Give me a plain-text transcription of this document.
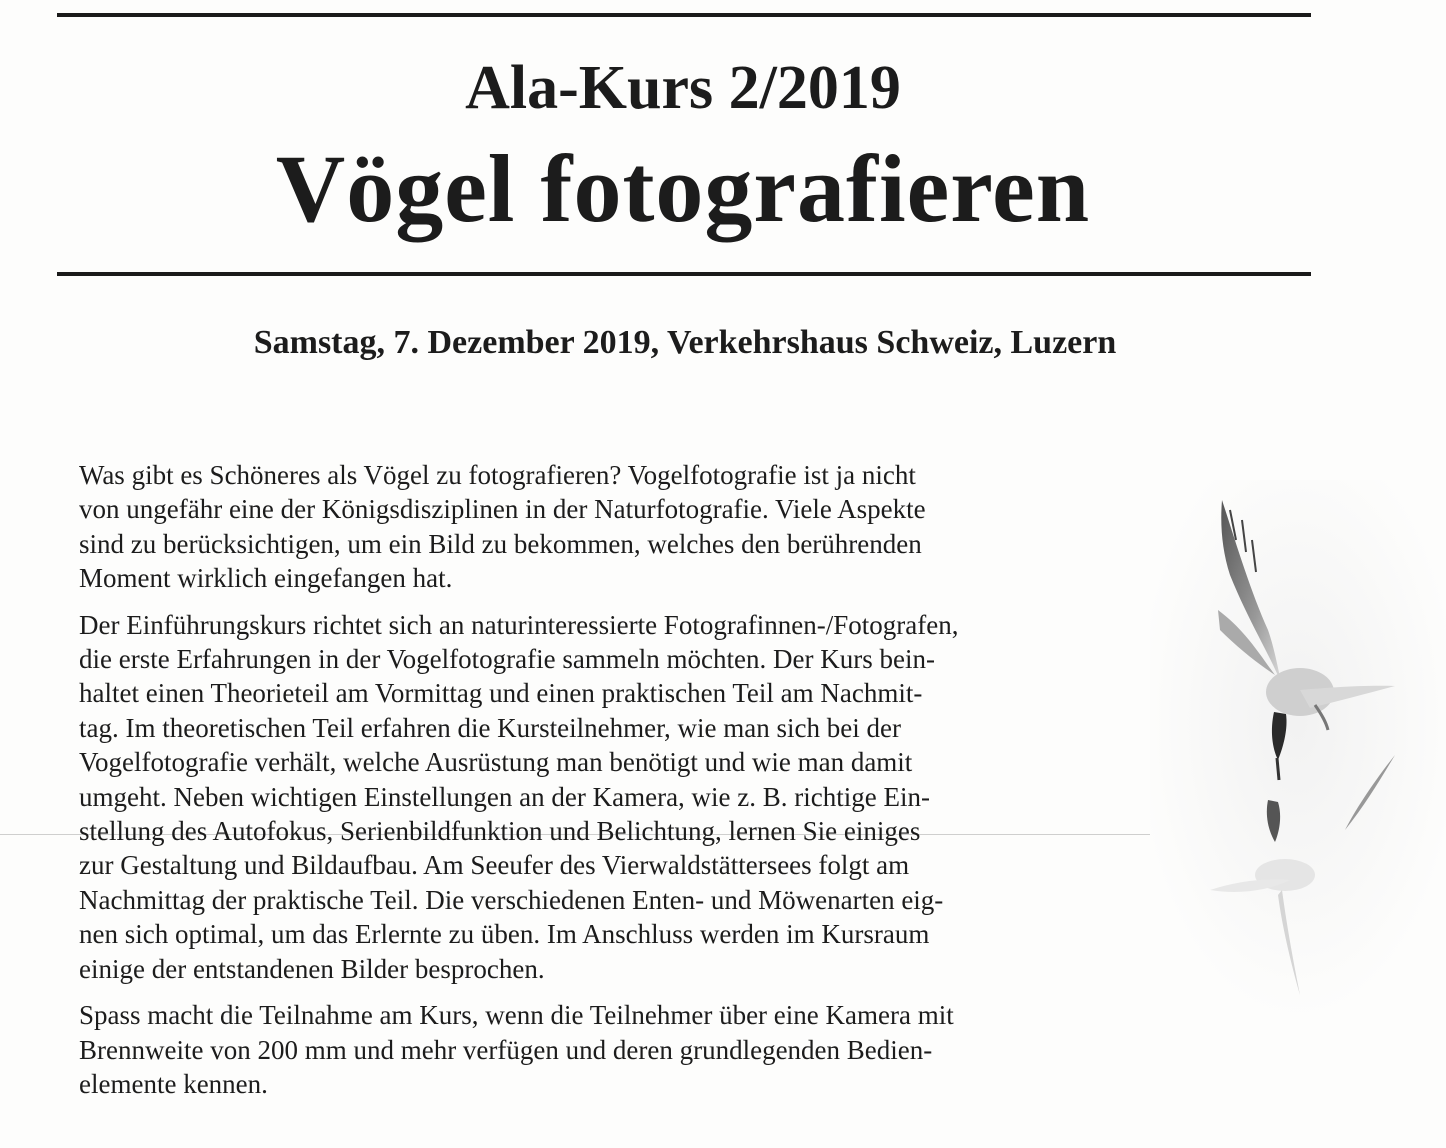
Ala-Kurs 2/2019
Vögel fotografieren
Samstag, 7. Dezember 2019, Verkehrshaus Schweiz, Luzern

Was gibt es Schöneres als Vögel zu fotografieren? Vogelfotografie ist ja nicht
von ungefähr eine der Königsdisziplinen in der Naturfotografie. Viele Aspekte
sind zu berücksichtigen, um ein Bild zu bekommen, welches den berührenden
Moment wirklich eingefangen hat.

Der Einführungskurs richtet sich an naturinteressierte Fotografinnen-/Fotografen,
die erste Erfahrungen in der Vogelfotografie sammeln möchten. Der Kurs bein-
haltet einen Theorieteil am Vormittag und einen praktischen Teil am Nachmit-
tag. Im theoretischen Teil erfahren die Kursteilnehmer, wie man sich bei der
Vogelfotografie verhält, welche Ausrüstung man benötigt und wie man damit
umgeht. Neben wichtigen Einstellungen an der Kamera, wie z. B. richtige Ein-
stellung des Autofokus, Serienbildfunktion und Belichtung, lernen Sie einiges
zur Gestaltung und Bildaufbau. Am Seeufer des Vierwaldstättersees folgt am
Nachmittag der praktische Teil. Die verschiedenen Enten- und Möwenarten eig-
nen sich optimal, um das Erlernte zu üben. Im Anschluss werden im Kursraum
einige der entstandenen Bilder besprochen.

Spass macht die Teilnahme am Kurs, wenn die Teilnehmer über eine Kamera mit
Brennweite von 200 mm und mehr verfügen und deren grundlegenden Bedien-
elemente kennen.
